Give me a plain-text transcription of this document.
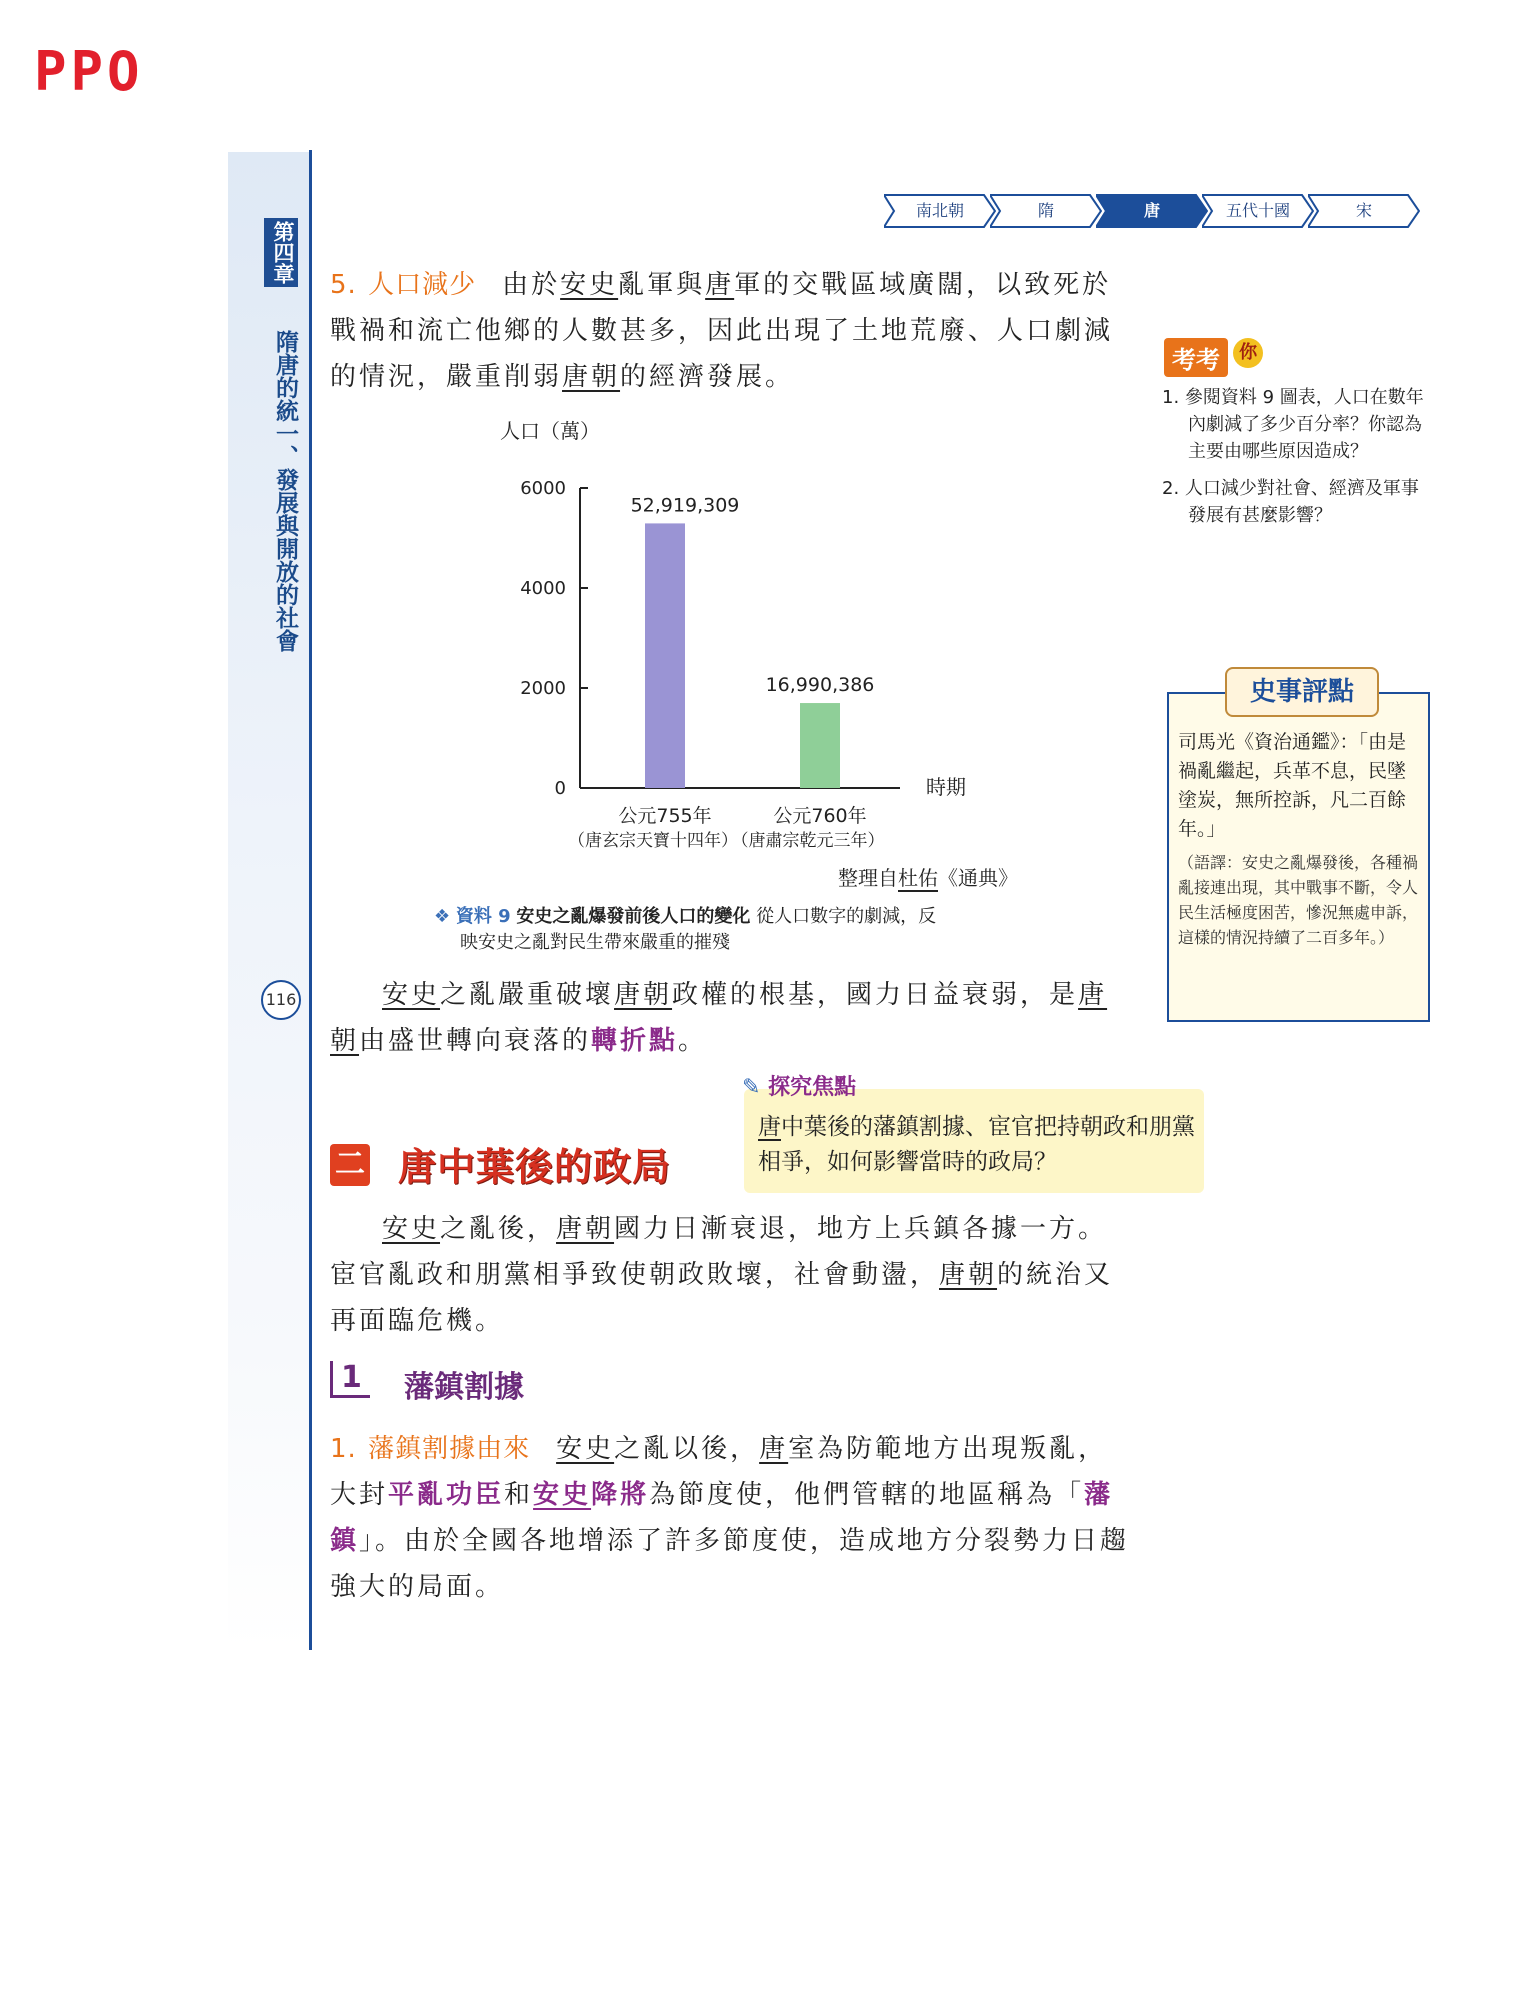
PPO
第四章
隋唐的統一、發展與開放的社會
116
南北朝	隋	唐	五代十國	宋
5. 人口減少 由於安史亂軍與唐軍的交戰區域廣闊，以致死於戰禍和流亡他鄉的人數甚多，因此出現了土地荒廢、人口劇減的情況，嚴重削弱唐朝的經濟發展。
人口（萬）
0
2000
4000
6000
時期
52,919,309
公元755年
（唐玄宗天寶十四年）
16,990,386
公元760年
（唐肅宗乾元三年）
整理自杜佑《通典》
❖ 資料 9 安史之亂爆發前後人口的變化 從人口數字的劇減，反
映安史之亂對民生帶來嚴重的摧殘
安史之亂嚴重破壞唐朝政權的根基，國力日益衰弱，是唐朝由盛世轉向衰落的轉折點。
考考 你
1. 參閱資料 9 圖表，人口在數年內劇減了多少百分率？你認為主要由哪些原因造成？
2. 人口減少對社會、經濟及軍事發展有甚麼影響？
史事評點
司馬光《資治通鑑》：「由是禍亂繼起，兵革不息，民墜塗炭，無所控訴，凡二百餘年。」
（語譯：安史之亂爆發後，各種禍亂接連出現，其中戰事不斷，令人民生活極度困苦，慘況無處申訴，這樣的情況持續了二百多年。）
✎ 探究焦點
唐中葉後的藩鎮割據、宦官把持朝政和朋黨相爭，如何影響當時的政局？
二 唐中葉後的政局
安史之亂後，唐朝國力日漸衰退，地方上兵鎮各據一方。宦官亂政和朋黨相爭致使朝政敗壞，社會動盪，唐朝的統治又再面臨危機。
1 藩鎮割據
1. 藩鎮割據由來 安史之亂以後，唐室為防範地方出現叛亂，大封平亂功臣和安史降將為節度使，他們管轄的地區稱為「藩鎮」。由於全國各地增添了許多節度使，造成地方分裂勢力日趨強大的局面。
